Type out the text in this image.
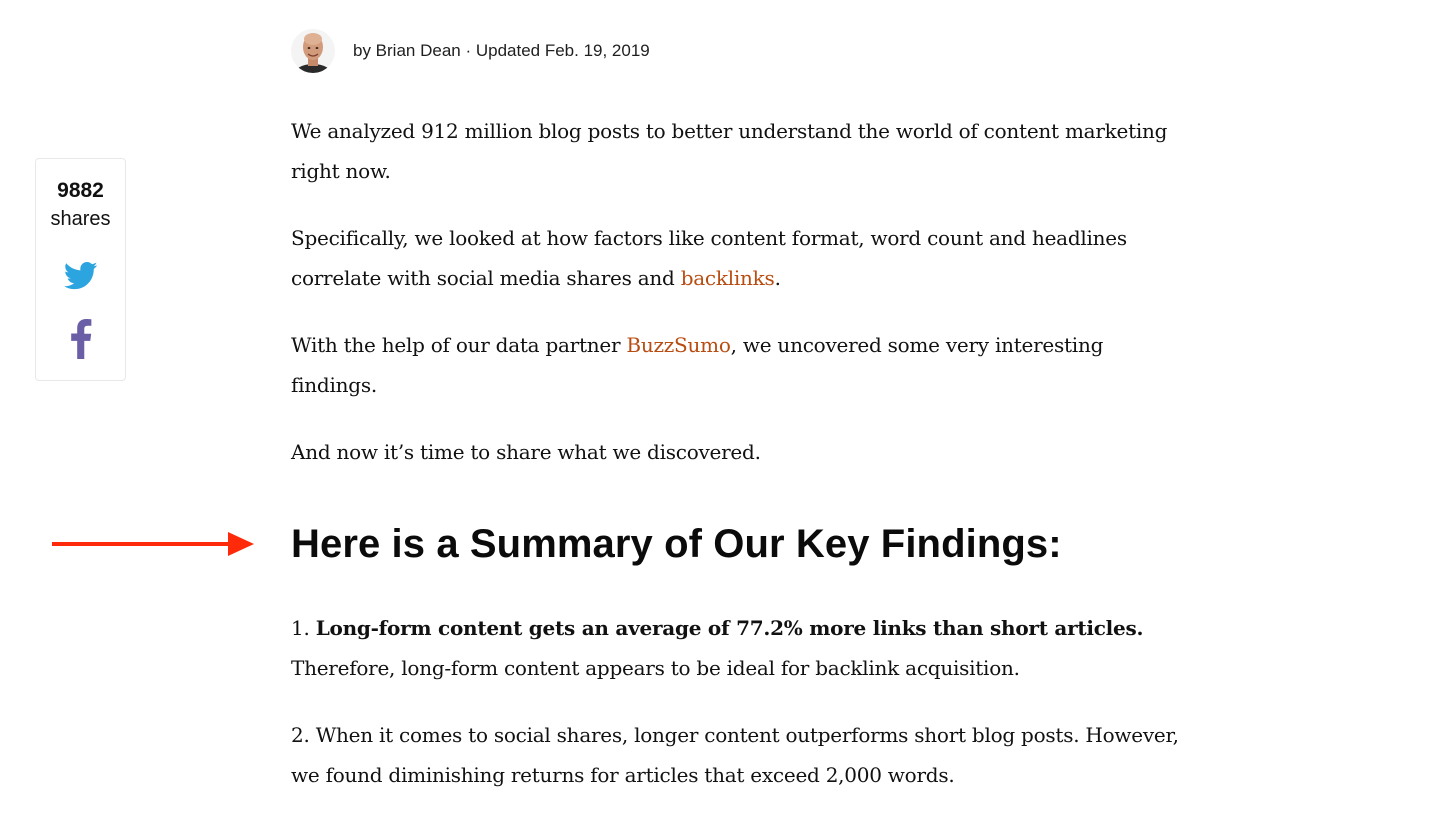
by Brian Dean · Updated Feb. 19, 2019
9882
shares

We analyzed 912 million blog posts to better understand the world of content marketing right now.

Specifically, we looked at how factors like content format, word count and headlines correlate with social media shares and backlinks.

With the help of our data partner BuzzSumo, we uncovered some very interesting findings.

And now it’s time to share what we discovered.

1. Long-form content gets an average of 77.2% more links than short articles. Therefore, long-form content appears to be ideal for backlink acquisition.

2. When it comes to social shares, longer content outperforms short blog posts. However, we found diminishing returns for articles that exceed 2,000 words.

Here is a Summary of Our Key Findings:
